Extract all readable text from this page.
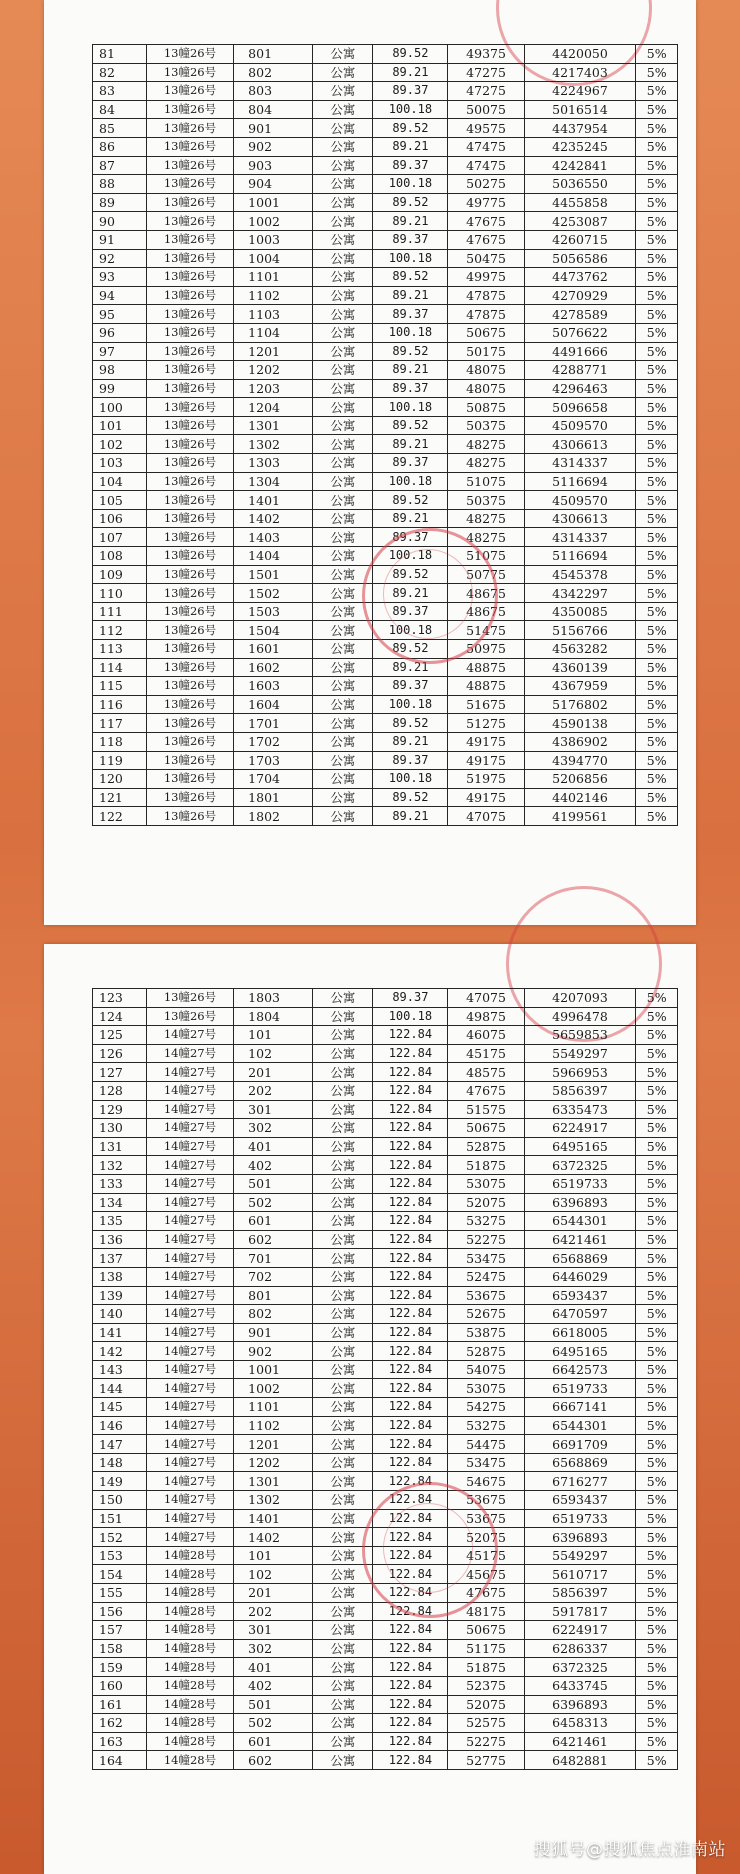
81	13幢26号	801	公寓	89.52	49375	4420050	5%
82	13幢26号	802	公寓	89.21	47275	4217403	5%
83	13幢26号	803	公寓	89.37	47275	4224967	5%
84	13幢26号	804	公寓	100.18	50075	5016514	5%
85	13幢26号	901	公寓	89.52	49575	4437954	5%
86	13幢26号	902	公寓	89.21	47475	4235245	5%
87	13幢26号	903	公寓	89.37	47475	4242841	5%
88	13幢26号	904	公寓	100.18	50275	5036550	5%
89	13幢26号	1001	公寓	89.52	49775	4455858	5%
90	13幢26号	1002	公寓	89.21	47675	4253087	5%
91	13幢26号	1003	公寓	89.37	47675	4260715	5%
92	13幢26号	1004	公寓	100.18	50475	5056586	5%
93	13幢26号	1101	公寓	89.52	49975	4473762	5%
94	13幢26号	1102	公寓	89.21	47875	4270929	5%
95	13幢26号	1103	公寓	89.37	47875	4278589	5%
96	13幢26号	1104	公寓	100.18	50675	5076622	5%
97	13幢26号	1201	公寓	89.52	50175	4491666	5%
98	13幢26号	1202	公寓	89.21	48075	4288771	5%
99	13幢26号	1203	公寓	89.37	48075	4296463	5%
100	13幢26号	1204	公寓	100.18	50875	5096658	5%
101	13幢26号	1301	公寓	89.52	50375	4509570	5%
102	13幢26号	1302	公寓	89.21	48275	4306613	5%
103	13幢26号	1303	公寓	89.37	48275	4314337	5%
104	13幢26号	1304	公寓	100.18	51075	5116694	5%
105	13幢26号	1401	公寓	89.52	50375	4509570	5%
106	13幢26号	1402	公寓	89.21	48275	4306613	5%
107	13幢26号	1403	公寓	89.37	48275	4314337	5%
108	13幢26号	1404	公寓	100.18	51075	5116694	5%
109	13幢26号	1501	公寓	89.52	50775	4545378	5%
110	13幢26号	1502	公寓	89.21	48675	4342297	5%
111	13幢26号	1503	公寓	89.37	48675	4350085	5%
112	13幢26号	1504	公寓	100.18	51475	5156766	5%
113	13幢26号	1601	公寓	89.52	50975	4563282	5%
114	13幢26号	1602	公寓	89.21	48875	4360139	5%
115	13幢26号	1603	公寓	89.37	48875	4367959	5%
116	13幢26号	1604	公寓	100.18	51675	5176802	5%
117	13幢26号	1701	公寓	89.52	51275	4590138	5%
118	13幢26号	1702	公寓	89.21	49175	4386902	5%
119	13幢26号	1703	公寓	89.37	49175	4394770	5%
120	13幢26号	1704	公寓	100.18	51975	5206856	5%
121	13幢26号	1801	公寓	89.52	49175	4402146	5%
122	13幢26号	1802	公寓	89.21	47075	4199561	5%
123	13幢26号	1803	公寓	89.37	47075	4207093	5%
124	13幢26号	1804	公寓	100.18	49875	4996478	5%
125	14幢27号	101	公寓	122.84	46075	5659853	5%
126	14幢27号	102	公寓	122.84	45175	5549297	5%
127	14幢27号	201	公寓	122.84	48575	5966953	5%
128	14幢27号	202	公寓	122.84	47675	5856397	5%
129	14幢27号	301	公寓	122.84	51575	6335473	5%
130	14幢27号	302	公寓	122.84	50675	6224917	5%
131	14幢27号	401	公寓	122.84	52875	6495165	5%
132	14幢27号	402	公寓	122.84	51875	6372325	5%
133	14幢27号	501	公寓	122.84	53075	6519733	5%
134	14幢27号	502	公寓	122.84	52075	6396893	5%
135	14幢27号	601	公寓	122.84	53275	6544301	5%
136	14幢27号	602	公寓	122.84	52275	6421461	5%
137	14幢27号	701	公寓	122.84	53475	6568869	5%
138	14幢27号	702	公寓	122.84	52475	6446029	5%
139	14幢27号	801	公寓	122.84	53675	6593437	5%
140	14幢27号	802	公寓	122.84	52675	6470597	5%
141	14幢27号	901	公寓	122.84	53875	6618005	5%
142	14幢27号	902	公寓	122.84	52875	6495165	5%
143	14幢27号	1001	公寓	122.84	54075	6642573	5%
144	14幢27号	1002	公寓	122.84	53075	6519733	5%
145	14幢27号	1101	公寓	122.84	54275	6667141	5%
146	14幢27号	1102	公寓	122.84	53275	6544301	5%
147	14幢27号	1201	公寓	122.84	54475	6691709	5%
148	14幢27号	1202	公寓	122.84	53475	6568869	5%
149	14幢27号	1301	公寓	122.84	54675	6716277	5%
150	14幢27号	1302	公寓	122.84	53675	6593437	5%
151	14幢27号	1401	公寓	122.84	53675	6519733	5%
152	14幢27号	1402	公寓	122.84	52075	6396893	5%
153	14幢28号	101	公寓	122.84	45175	5549297	5%
154	14幢28号	102	公寓	122.84	45675	5610717	5%
155	14幢28号	201	公寓	122.84	47675	5856397	5%
156	14幢28号	202	公寓	122.84	48175	5917817	5%
157	14幢28号	301	公寓	122.84	50675	6224917	5%
158	14幢28号	302	公寓	122.84	51175	6286337	5%
159	14幢28号	401	公寓	122.84	51875	6372325	5%
160	14幢28号	402	公寓	122.84	52375	6433745	5%
161	14幢28号	501	公寓	122.84	52075	6396893	5%
162	14幢28号	502	公寓	122.84	52575	6458313	5%
163	14幢28号	601	公寓	122.84	52275	6421461	5%
164	14幢28号	602	公寓	122.84	52775	6482881	5%
搜狐号@搜狐焦点淮南站
